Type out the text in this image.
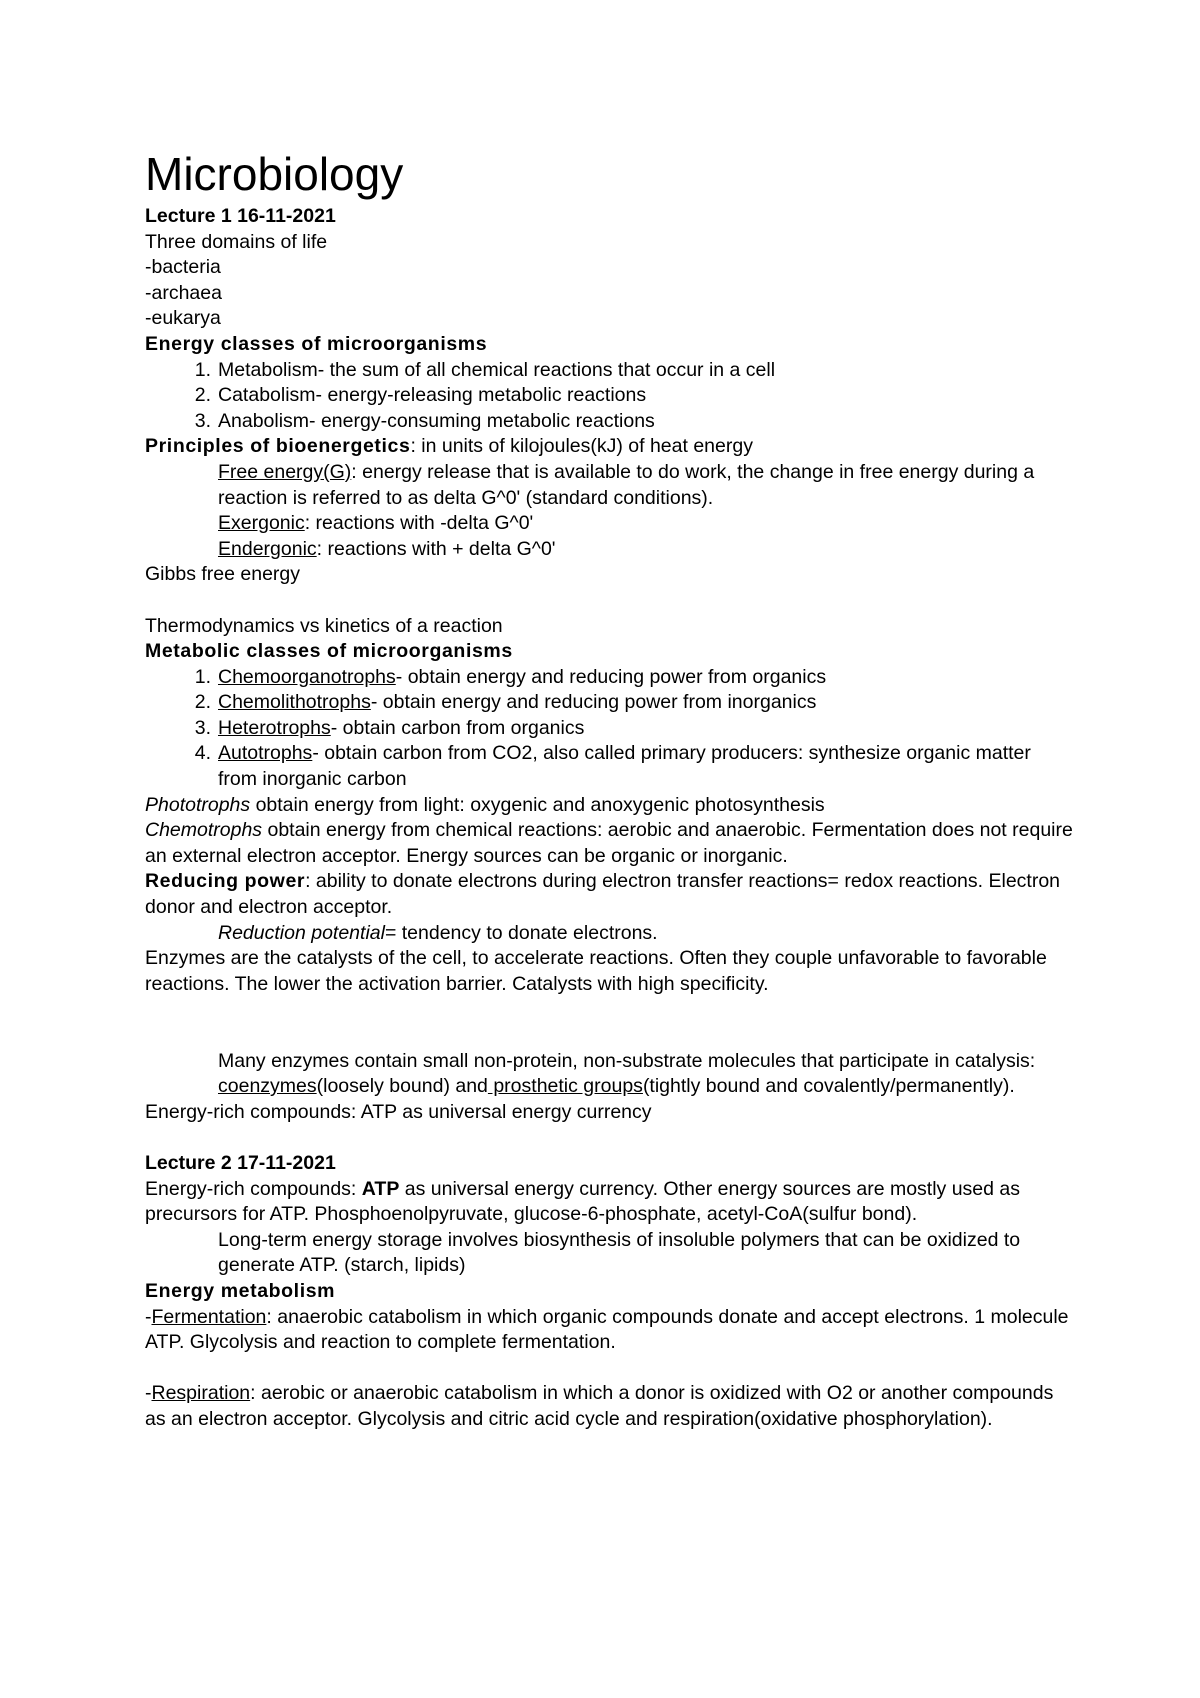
Microbiology
Lecture 1 16-11-2021
Three domains of life
-bacteria
-archaea
-eukarya
Energy classes of microorganisms
1. Metabolism- the sum of all chemical reactions that occur in a cell
2. Catabolism- energy-releasing metabolic reactions
3. Anabolism- energy-consuming metabolic reactions
Principles of bioenergetics: in units of kilojoules(kJ) of heat energy
Free energy(G): energy release that is available to do work, the change in free energy during a reaction is referred to as delta G^0' (standard conditions).
Exergonic: reactions with -delta G^0'
Endergonic: reactions with + delta G^0'
Gibbs free energy
Thermodynamics vs kinetics of a reaction
Metabolic classes of microorganisms
1. Chemoorganotrophs- obtain energy and reducing power from organics
2. Chemolithotrophs- obtain energy and reducing power from inorganics
3. Heterotrophs- obtain carbon from organics
4. Autotrophs- obtain carbon from CO2, also called primary producers: synthesize organic matter from inorganic carbon
Phototrophs obtain energy from light: oxygenic and anoxygenic photosynthesis
Chemotrophs obtain energy from chemical reactions: aerobic and anaerobic. Fermentation does not require an external electron acceptor. Energy sources can be organic or inorganic.
Reducing power: ability to donate electrons during electron transfer reactions= redox reactions. Electron donor and electron acceptor.
Reduction potential= tendency to donate electrons.
Enzymes are the catalysts of the cell, to accelerate reactions. Often they couple unfavorable to favorable reactions. The lower the activation barrier. Catalysts with high specificity.
Many enzymes contain small non-protein, non-substrate molecules that participate in catalysis: coenzymes(loosely bound) and prosthetic groups(tightly bound and covalently/permanently).
Energy-rich compounds: ATP as universal energy currency
Lecture 2 17-11-2021
Energy-rich compounds: ATP as universal energy currency. Other energy sources are mostly used as precursors for ATP. Phosphoenolpyruvate, glucose-6-phosphate, acetyl-CoA(sulfur bond).
Long-term energy storage involves biosynthesis of insoluble polymers that can be oxidized to generate ATP. (starch, lipids)
Energy metabolism
-Fermentation: anaerobic catabolism in which organic compounds donate and accept electrons. 1 molecule ATP. Glycolysis and reaction to complete fermentation.
-Respiration: aerobic or anaerobic catabolism in which a donor is oxidized with O2 or another compounds as an electron acceptor. Glycolysis and citric acid cycle and respiration(oxidative phosphorylation).
